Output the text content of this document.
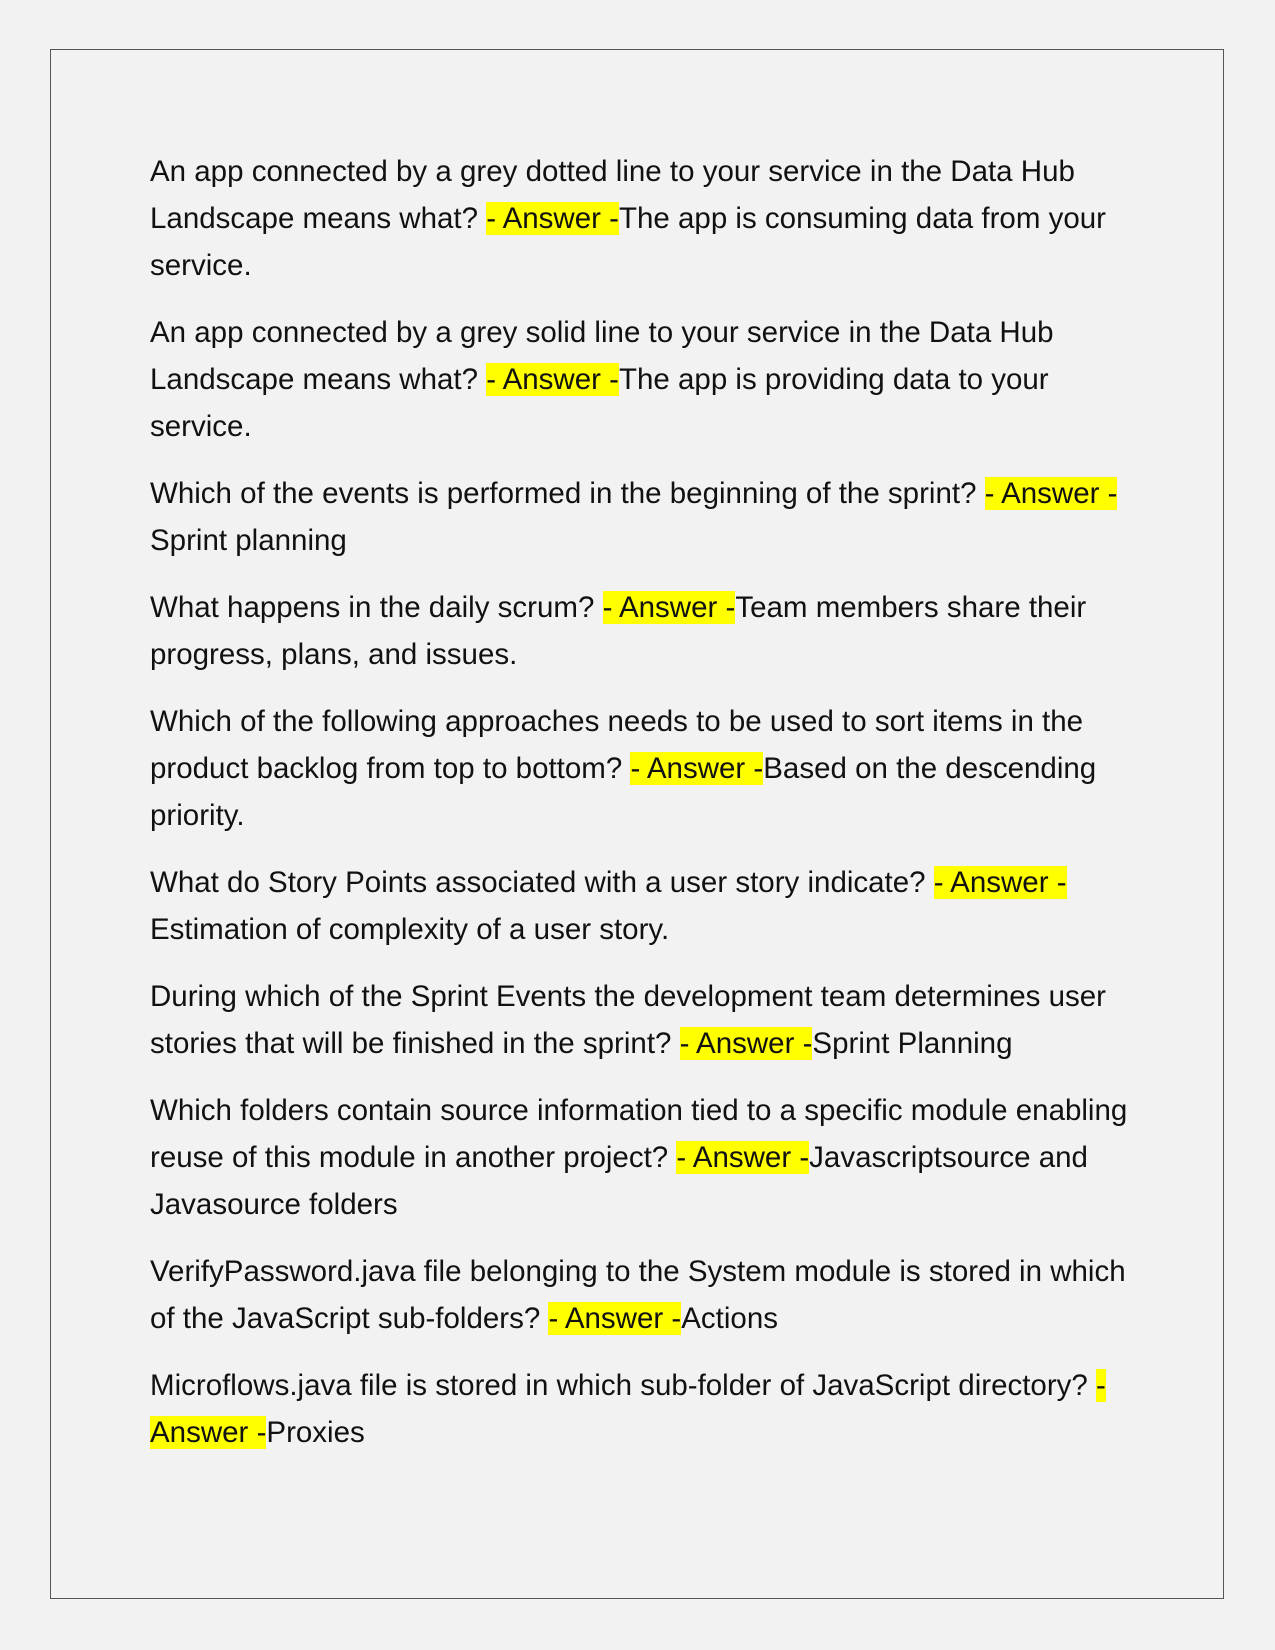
An app connected by a grey dotted line to your service in the Data Hub Landscape means what? - Answer -The app is consuming data from your service.

An app connected by a grey solid line to your service in the Data Hub Landscape means what? - Answer -The app is providing data to your service.

Which of the events is performed in the beginning of the sprint? - Answer -Sprint planning

What happens in the daily scrum? - Answer -Team members share their progress, plans, and issues.

Which of the following approaches needs to be used to sort items in the product backlog from top to bottom? - Answer -Based on the descending priority.

What do Story Points associated with a user story indicate? - Answer -Estimation of complexity of a user story.

During which of the Sprint Events the development team determines user stories that will be finished in the sprint? - Answer -Sprint Planning

Which folders contain source information tied to a specific module enabling reuse of this module in another project? - Answer -Javascriptsource and Javasource folders

VerifyPassword.java file belonging to the System module is stored in which of the JavaScript sub-folders? - Answer -Actions

Microflows.java file is stored in which sub-folder of JavaScript directory? - Answer -Proxies
